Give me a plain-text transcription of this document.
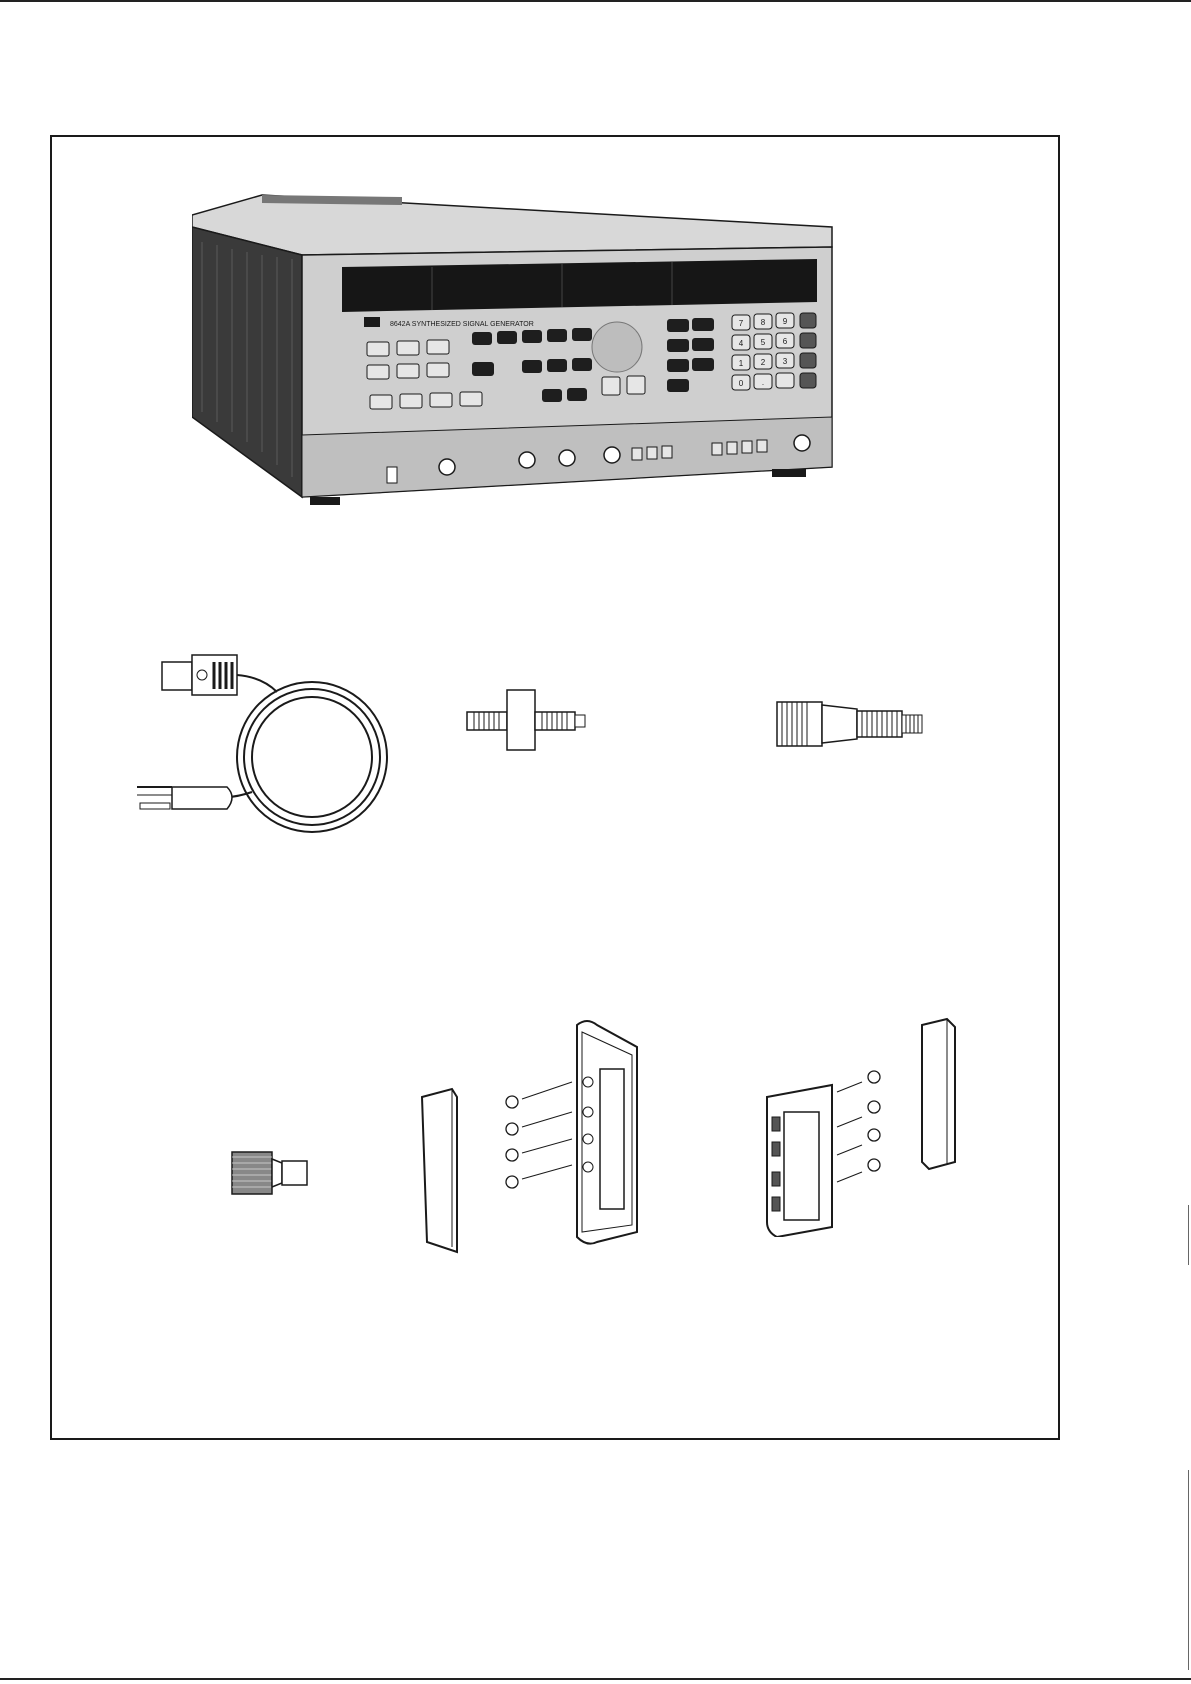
8642A SYNTHESIZED SIGNAL GENERATOR	7 8 9
4 5 6
1 2 3
0 .
